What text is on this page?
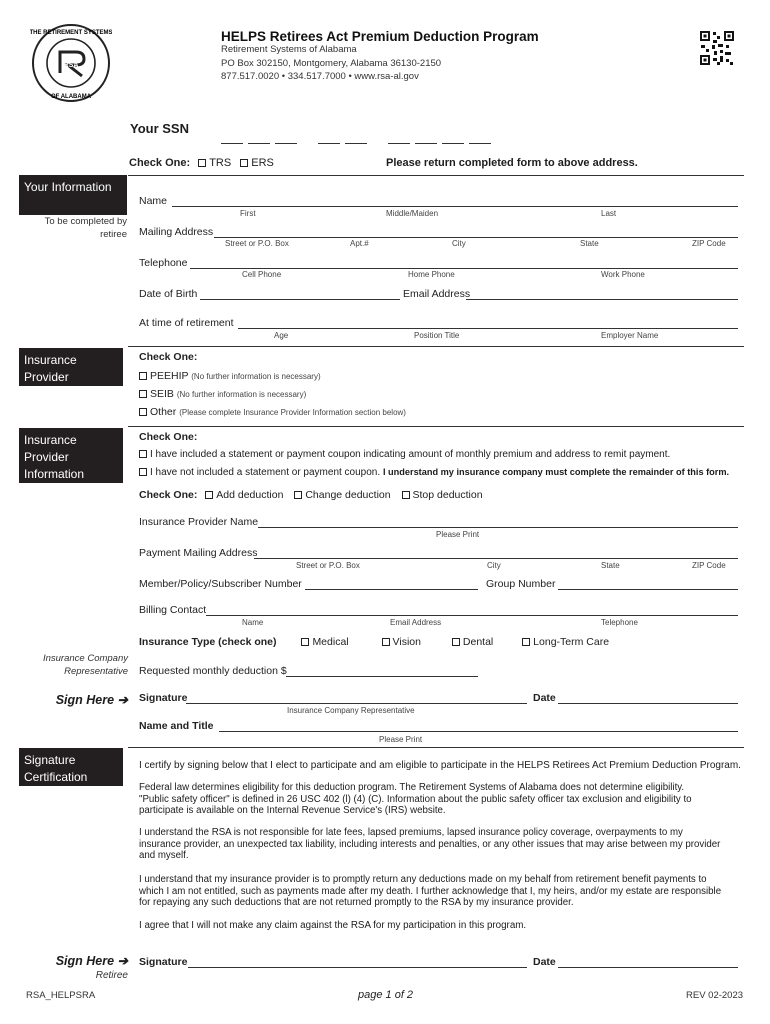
THE RETIREMENT SYSTEMS
RSA
OF ALABAMA
HELPS Retirees Act Premium Deduction Program
Retirement Systems of Alabama
PO Box 302150, Montgomery, Alabama 36130-2150
877.517.0020 • 334.517.7000 • www.rsa-al.gov
Your SSN
Check One: TRS ERS	Please return completed form to above address.
Your Information
To be completed by retiree
Name
First	Middle/Maiden	Last
Mailing Address
Street or P.O. Box	Apt.#	City	State	ZIP Code
Telephone
Cell Phone	Home Phone	Work Phone
Date of Birth	Email Address
At time of retirement
Age	Position Title	Employer Name
Insurance Provider
Check One:
PEEHIP (No further information is necessary)
SEIB (No further information is necessary)
Other (Please complete Insurance Provider Information section below)
Insurance Provider Information
Check One:
I have included a statement or payment coupon indicating amount of monthly premium and address to remit payment.
I have not included a statement or payment coupon. I understand my insurance company must complete the remainder of this form.
Check One: Add deduction Change deduction Stop deduction
Insurance Provider Name
Please Print
Payment Mailing Address
Street or P.O. Box	City	State	ZIP Code
Member/Policy/Subscriber Number	Group Number
Billing Contact
Name	Email Address	Telephone
Insurance Type (check one)	Medical	Vision	Dental	Long-Term Care
Insurance Company Representative
Sign Here ➔
Requested monthly deduction $
Signature	Date
Insurance Company Representative
Name and Title
Please Print
Signature Certification
I certify by signing below that I elect to participate and am eligible to participate in the HELPS Retirees Act Premium Deduction Program.
Federal law determines eligibility for this deduction program. The Retirement Systems of Alabama does not determine eligibility.
"Public safety officer" is defined in 26 USC 402 (l) (4) (C). Information about the public safety officer tax exclusion and eligibility to
participate is available on the Internal Revenue Service's (IRS) website.
I understand the RSA is not responsible for late fees, lapsed premiums, lapsed insurance policy coverage, overpayments to my
insurance provider, an unexpected tax liability, including interests and penalties, or any other issues that may arise between my provider
and myself.
I understand that my insurance provider is to promptly return any deductions made on my behalf from retirement benefit payments to
which I am not entitled, such as payments made after my death. I further acknowledge that I, my heirs, and/or my estate are responsible
for repaying any such deductions that are not returned promptly to the RSA by my insurance provider.
I agree that I will not make any claim against the RSA for my participation in this program.
Sign Here ➔
Retiree
Signature	Date
RSA_HELPSRA	page 1 of 2	REV 02-2023
